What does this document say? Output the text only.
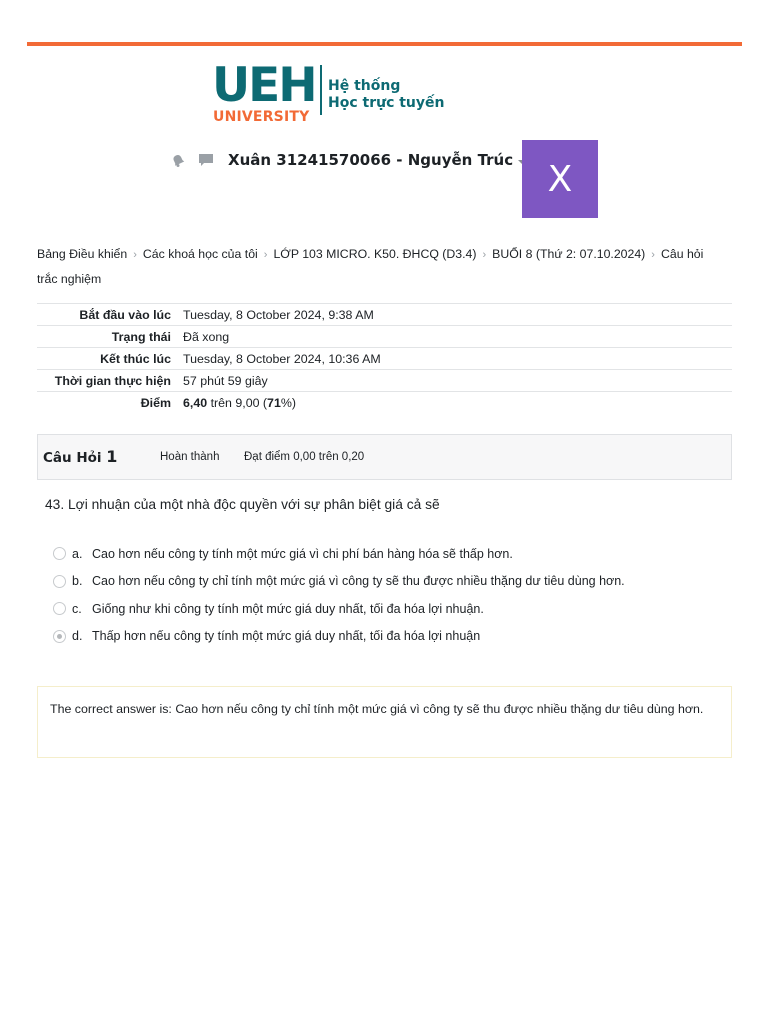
UEH
UNIVERSITY
Hệ thống
Học trực tuyến
Xuân 31241570066 - Nguyễn Trúc X
Bảng Điều khiển › Các khoá học của tôi › LỚP 103 MICRO. K50. ĐHCQ (D3.4) › BUỔI 8 (Thứ 2: 07.10.2024) › Câu hỏi trắc nghiệm
Bắt đầu vào lúc	Tuesday, 8 October 2024, 9:38 AM
Trạng thái	Đã xong
Kết thúc lúc	Tuesday, 8 October 2024, 10:36 AM
Thời gian thực hiện	57 phút 59 giây
Điểm	6,40 trên 9,00 (71%)
Câu Hỏi 1	Hoàn thành Đạt điểm 0,00 trên 0,20
43. Lợi nhuận của một nhà độc quyền với sự phân biệt giá cả sẽ
a. Cao hơn nếu công ty tính một mức giá vì chi phí bán hàng hóa sẽ thấp hơn.
b. Cao hơn nếu công ty chỉ tính một mức giá vì công ty sẽ thu được nhiều thặng dư tiêu dùng hơn.
c. Giống như khi công ty tính một mức giá duy nhất, tối đa hóa lợi nhuận.
d. Thấp hơn nếu công ty tính một mức giá duy nhất, tối đa hóa lợi nhuận
The correct answer is: Cao hơn nếu công ty chỉ tính một mức giá vì công ty sẽ thu được nhiều thặng dư tiêu dùng hơn.
